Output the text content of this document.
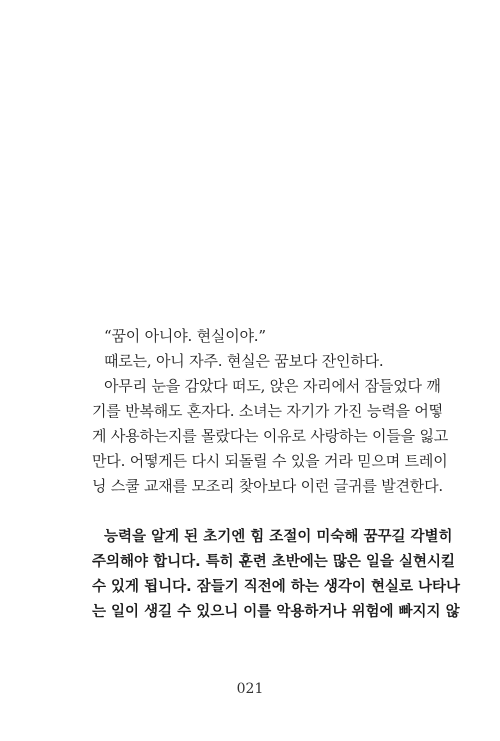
“꿈이 아니야. 현실이야.”
때로는, 아니 자주. 현실은 꿈보다 잔인하다.
아무리 눈을 감았다 떠도, 앉은 자리에서 잠들었다 깨
기를 반복해도 혼자다. 소녀는 자기가 가진 능력을 어떻
게 사용하는지를 몰랐다는 이유로 사랑하는 이들을 잃고
만다. 어떻게든 다시 되돌릴 수 있을 거라 믿으며 트레이
닝 스쿨 교재를 모조리 찾아보다 이런 글귀를 발견한다.
능력을 알게 된 초기엔 힘 조절이 미숙해 꿈꾸길 각별히
주의해야 합니다. 특히 훈련 초반에는 많은 일을 실현시킬
수 있게 됩니다. 잠들기 직전에 하는 생각이 현실로 나타나
는 일이 생길 수 있으니 이를 악용하거나 위험에 빠지지 않
021
